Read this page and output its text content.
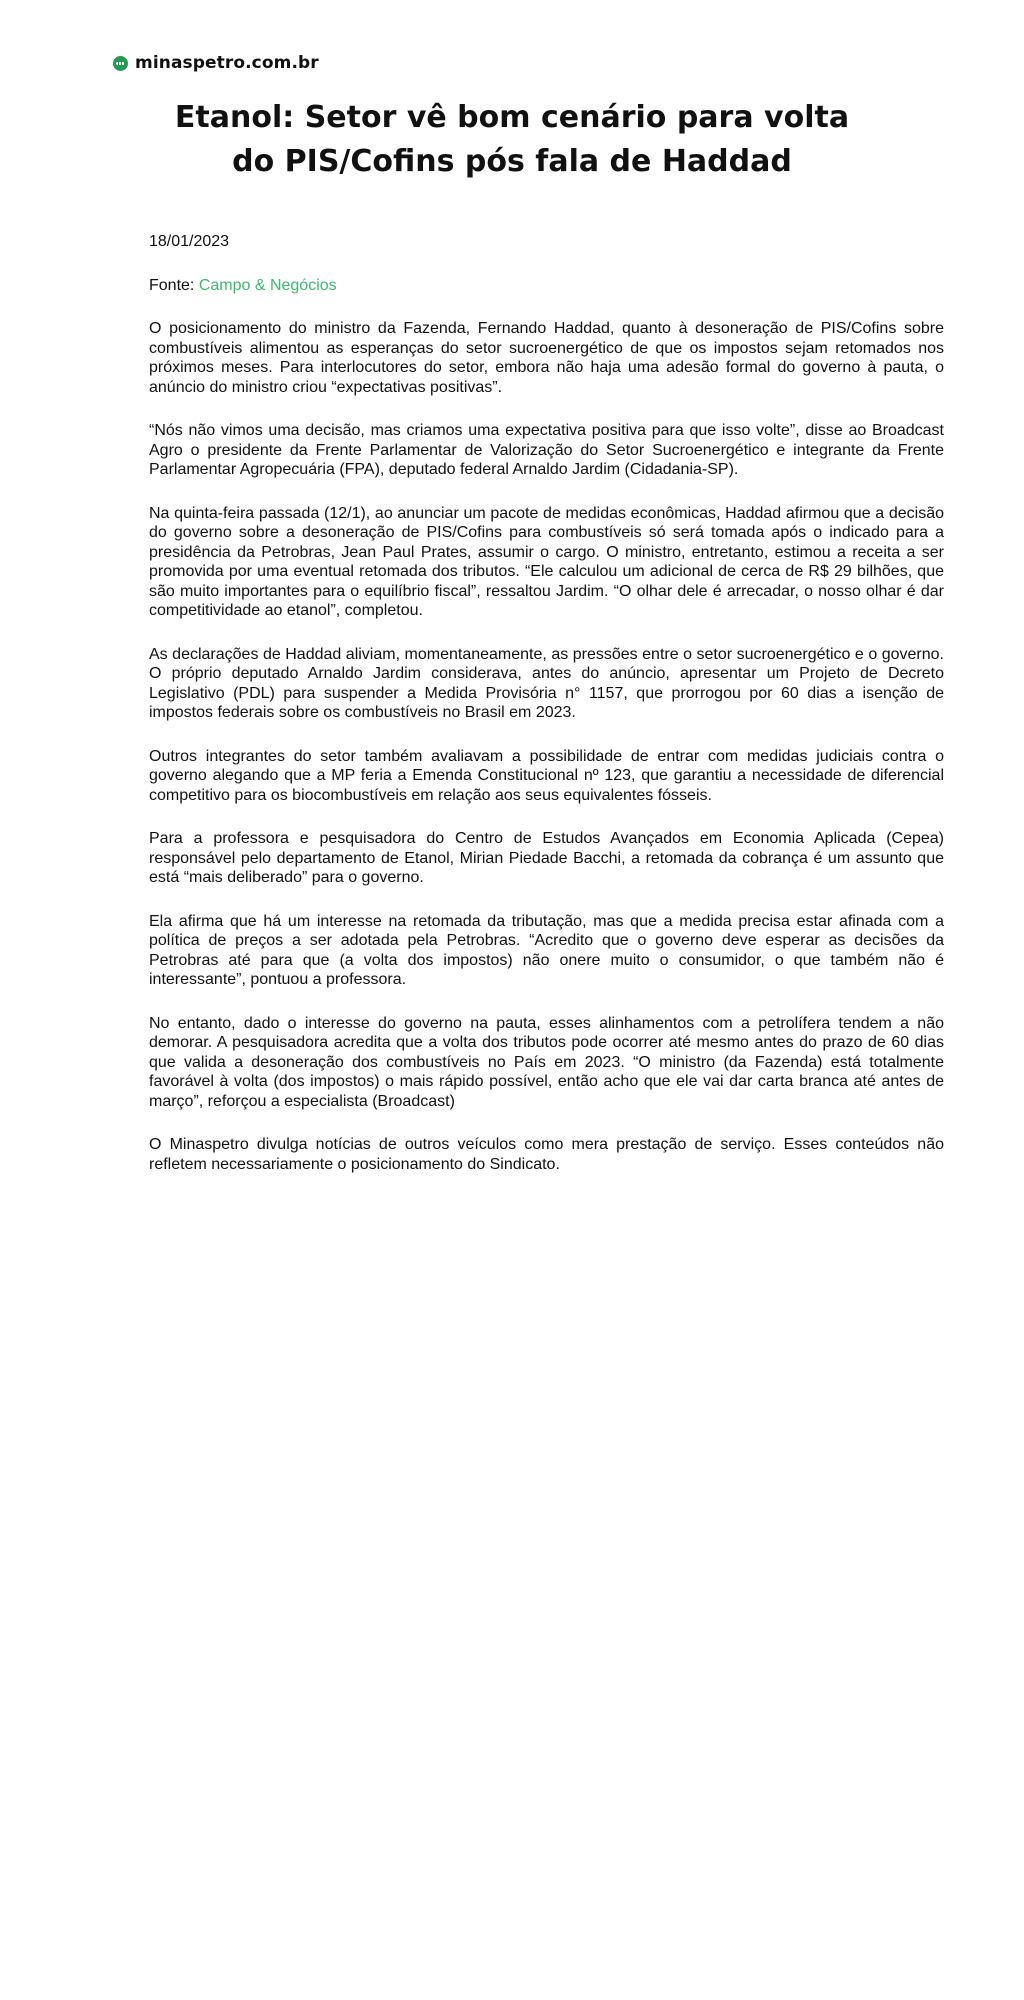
minaspetro.com.br
Etanol: Setor vê bom cenário para volta do PIS/Cofins pós fala de Haddad

18/01/2023

Fonte: Campo & Negócios

O posicionamento do ministro da Fazenda, Fernando Haddad, quanto à desoneração de PIS/Cofins sobre combustíveis alimentou as esperanças do setor sucroenergético de que os impostos sejam retomados nos próximos meses. Para interlocutores do setor, embora não haja uma adesão formal do governo à pauta, o anúncio do ministro criou “expectativas positivas”.

“Nós não vimos uma decisão, mas criamos uma expectativa positiva para que isso volte”, disse ao Broadcast Agro o presidente da Frente Parlamentar de Valorização do Setor Sucroenergético e integrante da Frente Parlamentar Agropecuária (FPA), deputado federal Arnaldo Jardim (Cidadania-SP).

Na quinta-feira passada (12/1), ao anunciar um pacote de medidas econômicas, Haddad afirmou que a decisão do governo sobre a desoneração de PIS/Cofins para combustíveis só será tomada após o indicado para a presidência da Petrobras, Jean Paul Prates, assumir o cargo. O ministro, entretanto, estimou a receita a ser promovida por uma eventual retomada dos tributos. “Ele calculou um adicional de cerca de R$ 29 bilhões, que são muito importantes para o equilíbrio fiscal”, ressaltou Jardim. “O olhar dele é arrecadar, o nosso olhar é dar competitividade ao etanol”, completou.

As declarações de Haddad aliviam, momentaneamente, as pressões entre o setor sucroenergético e o governo. O próprio deputado Arnaldo Jardim considerava, antes do anúncio, apresentar um Projeto de Decreto Legislativo (PDL) para suspender a Medida Provisória n° 1157, que prorrogou por 60 dias a isenção de impostos federais sobre os combustíveis no Brasil em 2023.

Outros integrantes do setor também avaliavam a possibilidade de entrar com medidas judiciais contra o governo alegando que a MP feria a Emenda Constitucional nº 123, que garantiu a necessidade de diferencial competitivo para os biocombustíveis em relação aos seus equivalentes fósseis.

Para a professora e pesquisadora do Centro de Estudos Avançados em Economia Aplicada (Cepea) responsável pelo departamento de Etanol, Mirian Piedade Bacchi, a retomada da cobrança é um assunto que está “mais deliberado” para o governo.

Ela afirma que há um interesse na retomada da tributação, mas que a medida precisa estar afinada com a política de preços a ser adotada pela Petrobras. “Acredito que o governo deve esperar as decisões da Petrobras até para que (a volta dos impostos) não onere muito o consumidor, o que também não é interessante”, pontuou a professora.

No entanto, dado o interesse do governo na pauta, esses alinhamentos com a petrolífera tendem a não demorar. A pesquisadora acredita que a volta dos tributos pode ocorrer até mesmo antes do prazo de 60 dias que valida a desoneração dos combustíveis no País em 2023. “O ministro (da Fazenda) está totalmente favorável à volta (dos impostos) o mais rápido possível, então acho que ele vai dar carta branca até antes de março”, reforçou a especialista (Broadcast)

O Minaspetro divulga notícias de outros veículos como mera prestação de serviço. Esses conteúdos não refletem necessariamente o posicionamento do Sindicato.
